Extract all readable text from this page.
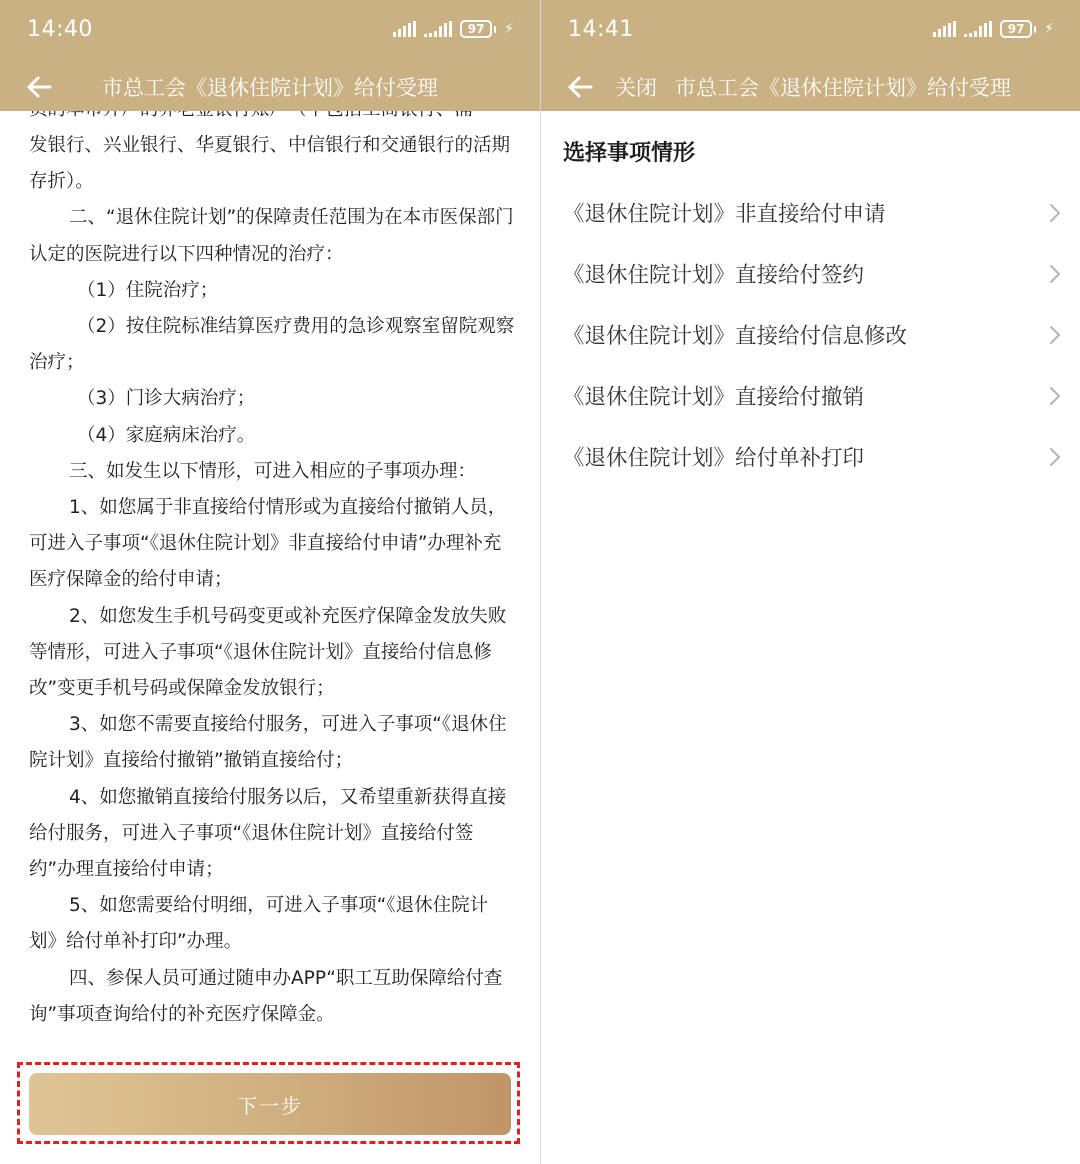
发银行、兴业银行、华夏银行、中信银行和交通银行的活期存折）。

二、“退休住院计划”的保障责任范围为在本市医保部门认定的医院进行以下四种情况的治疗：

（1）住院治疗；

（2）按住院标准结算医疗费用的急诊观察室留院观察治疗；

（3）门诊大病治疗；

（4）家庭病床治疗。

三、如发生以下情形，可进入相应的子事项办理：

1、如您属于非直接给付情形或为直接给付撤销人员，可进入子事项“《退休住院计划》非直接给付申请”办理补充医疗保障金的给付申请；

2、如您发生手机号码变更或补充医疗保障金发放失败等情形，可进入子事项“《退休住院计划》直接给付信息修改”变更手机号码或保障金发放银行；

3、如您不需要直接给付服务，可进入子事项“《退休住院计划》直接给付撤销”撤销直接给付；

4、如您撤销直接给付服务以后，又希望重新获得直接给付服务，可进入子事项“《退休住院计划》直接给付签约”办理直接给付申请；

5、如您需要给付明细，可进入子事项“《退休住院计划》给付单补打印”办理。

四、参保人员可通过随申办APP“职工互助保障给付查询”事项查询给付的补充医疗保障金。

14:40	97	⚡
市总工会《退休住院计划》给付受理
下一步
14:41	97	⚡
关闭 市总工会《退休住院计划》给付受理
选择事项情形
《退休住院计划》非直接给付申请
《退休住院计划》直接给付签约
《退休住院计划》直接给付信息修改
《退休住院计划》直接给付撤销
《退休住院计划》给付单补打印
